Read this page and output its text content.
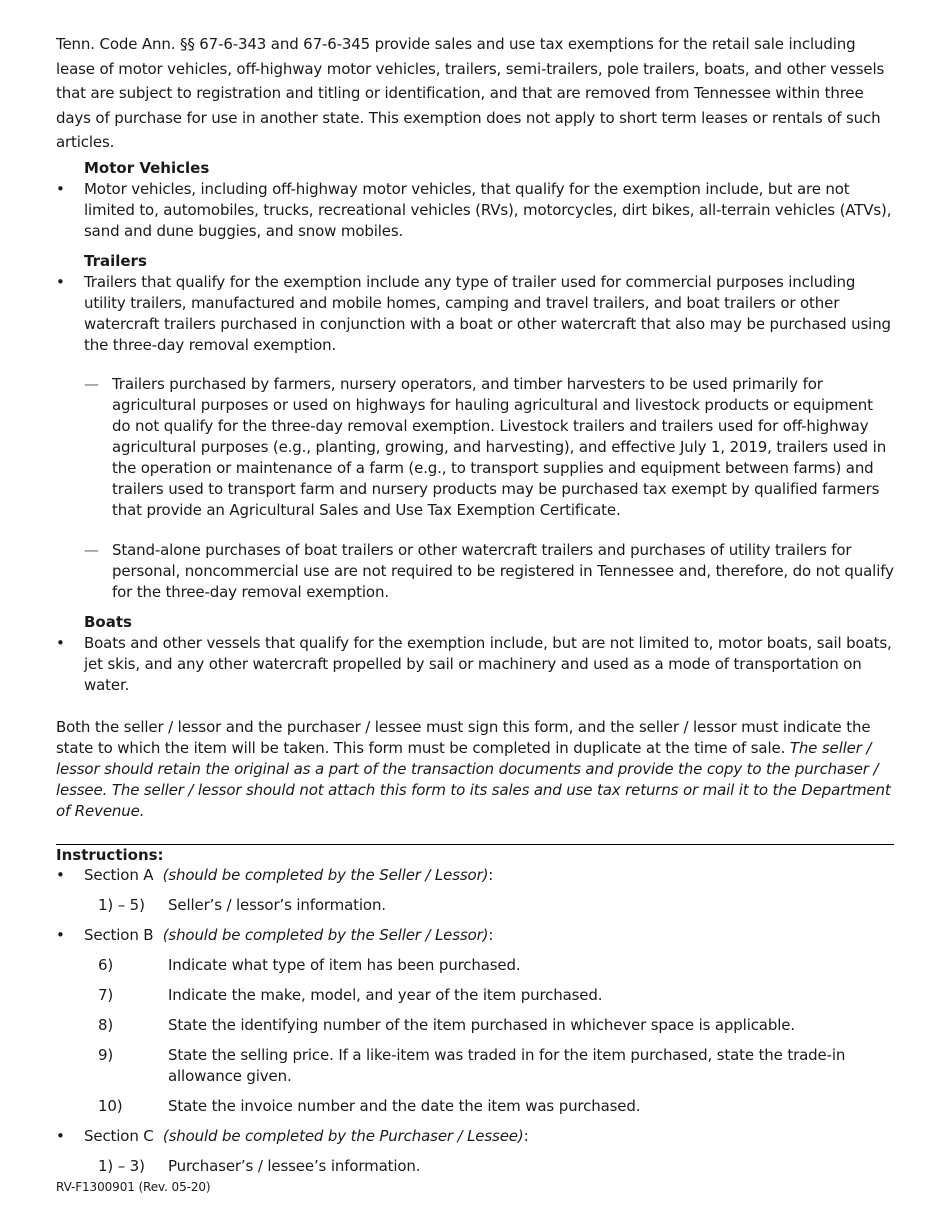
Tenn. Code Ann. §§ 67-6-343 and 67-6-345 provide sales and use tax exemptions for the retail sale including lease of motor vehicles, off-highway motor vehicles, trailers, semi-trailers, pole trailers, boats, and other vessels that are subject to registration and titling or identification, and that are removed from Tennessee within three days of purchase for use in another state. This exemption does not apply to short term leases or rentals of such articles.

Motor Vehicles
• Motor vehicles, including off-highway motor vehicles, that qualify for the exemption include, but are not limited to, automobiles, trucks, recreational vehicles (RVs), motorcycles, dirt bikes, all-terrain vehicles (ATVs), sand and dune buggies, and snow mobiles.
Trailers
• Trailers that qualify for the exemption include any type of trailer used for commercial purposes including utility trailers, manufactured and mobile homes, camping and travel trailers, and boat trailers or other watercraft trailers purchased in conjunction with a boat or other watercraft that also may be purchased using the three-day removal exemption.
— Trailers purchased by farmers, nursery operators, and timber harvesters to be used primarily for agricultural purposes or used on highways for hauling agricultural and livestock products or equipment do not qualify for the three-day removal exemption. Livestock trailers and trailers used for off-highway agricultural purposes (e.g., planting, growing, and harvesting), and effective July 1, 2019, trailers used in the operation or maintenance of a farm (e.g., to transport supplies and equipment between farms) and trailers used to transport farm and nursery products may be purchased tax exempt by qualified farmers that provide an Agricultural Sales and Use Tax Exemption Certificate.
— Stand-alone purchases of boat trailers or other watercraft trailers and purchases of utility trailers for personal, noncommercial use are not required to be registered in Tennessee and, therefore, do not qualify for the three-day removal exemption.
Boats
• Boats and other vessels that qualify for the exemption include, but are not limited to, motor boats, sail boats, jet skis, and any other watercraft propelled by sail or machinery and used as a mode of transportation on water.

Both the seller / lessor and the purchaser / lessee must sign this form, and the seller / lessor must indicate the state to which the item will be taken. This form must be completed in duplicate at the time of sale. The seller / lessor should retain the original as a part of the transaction documents and provide the copy to the purchaser / lessee. The seller / lessor should not attach this form to its sales and use tax returns or mail it to the Department of Revenue.

Instructions:
• Section A (should be completed by the Seller / Lessor):
1) – 5) Seller’s / lessor’s information.
• Section B (should be completed by the Seller / Lessor):
6)	Indicate what type of item has been purchased.
7)	Indicate the make, model, and year of the item purchased.
8)	State the identifying number of the item purchased in whichever space is applicable.
9)	State the selling price. If a like-item was traded in for the item purchased, state the trade-in allowance given.
10)	State the invoice number and the date the item was purchased.
• Section C (should be completed by the Purchaser / Lessee):
1) – 3) Purchaser’s / lessee’s information.
RV-F1300901 (Rev. 05-20)
